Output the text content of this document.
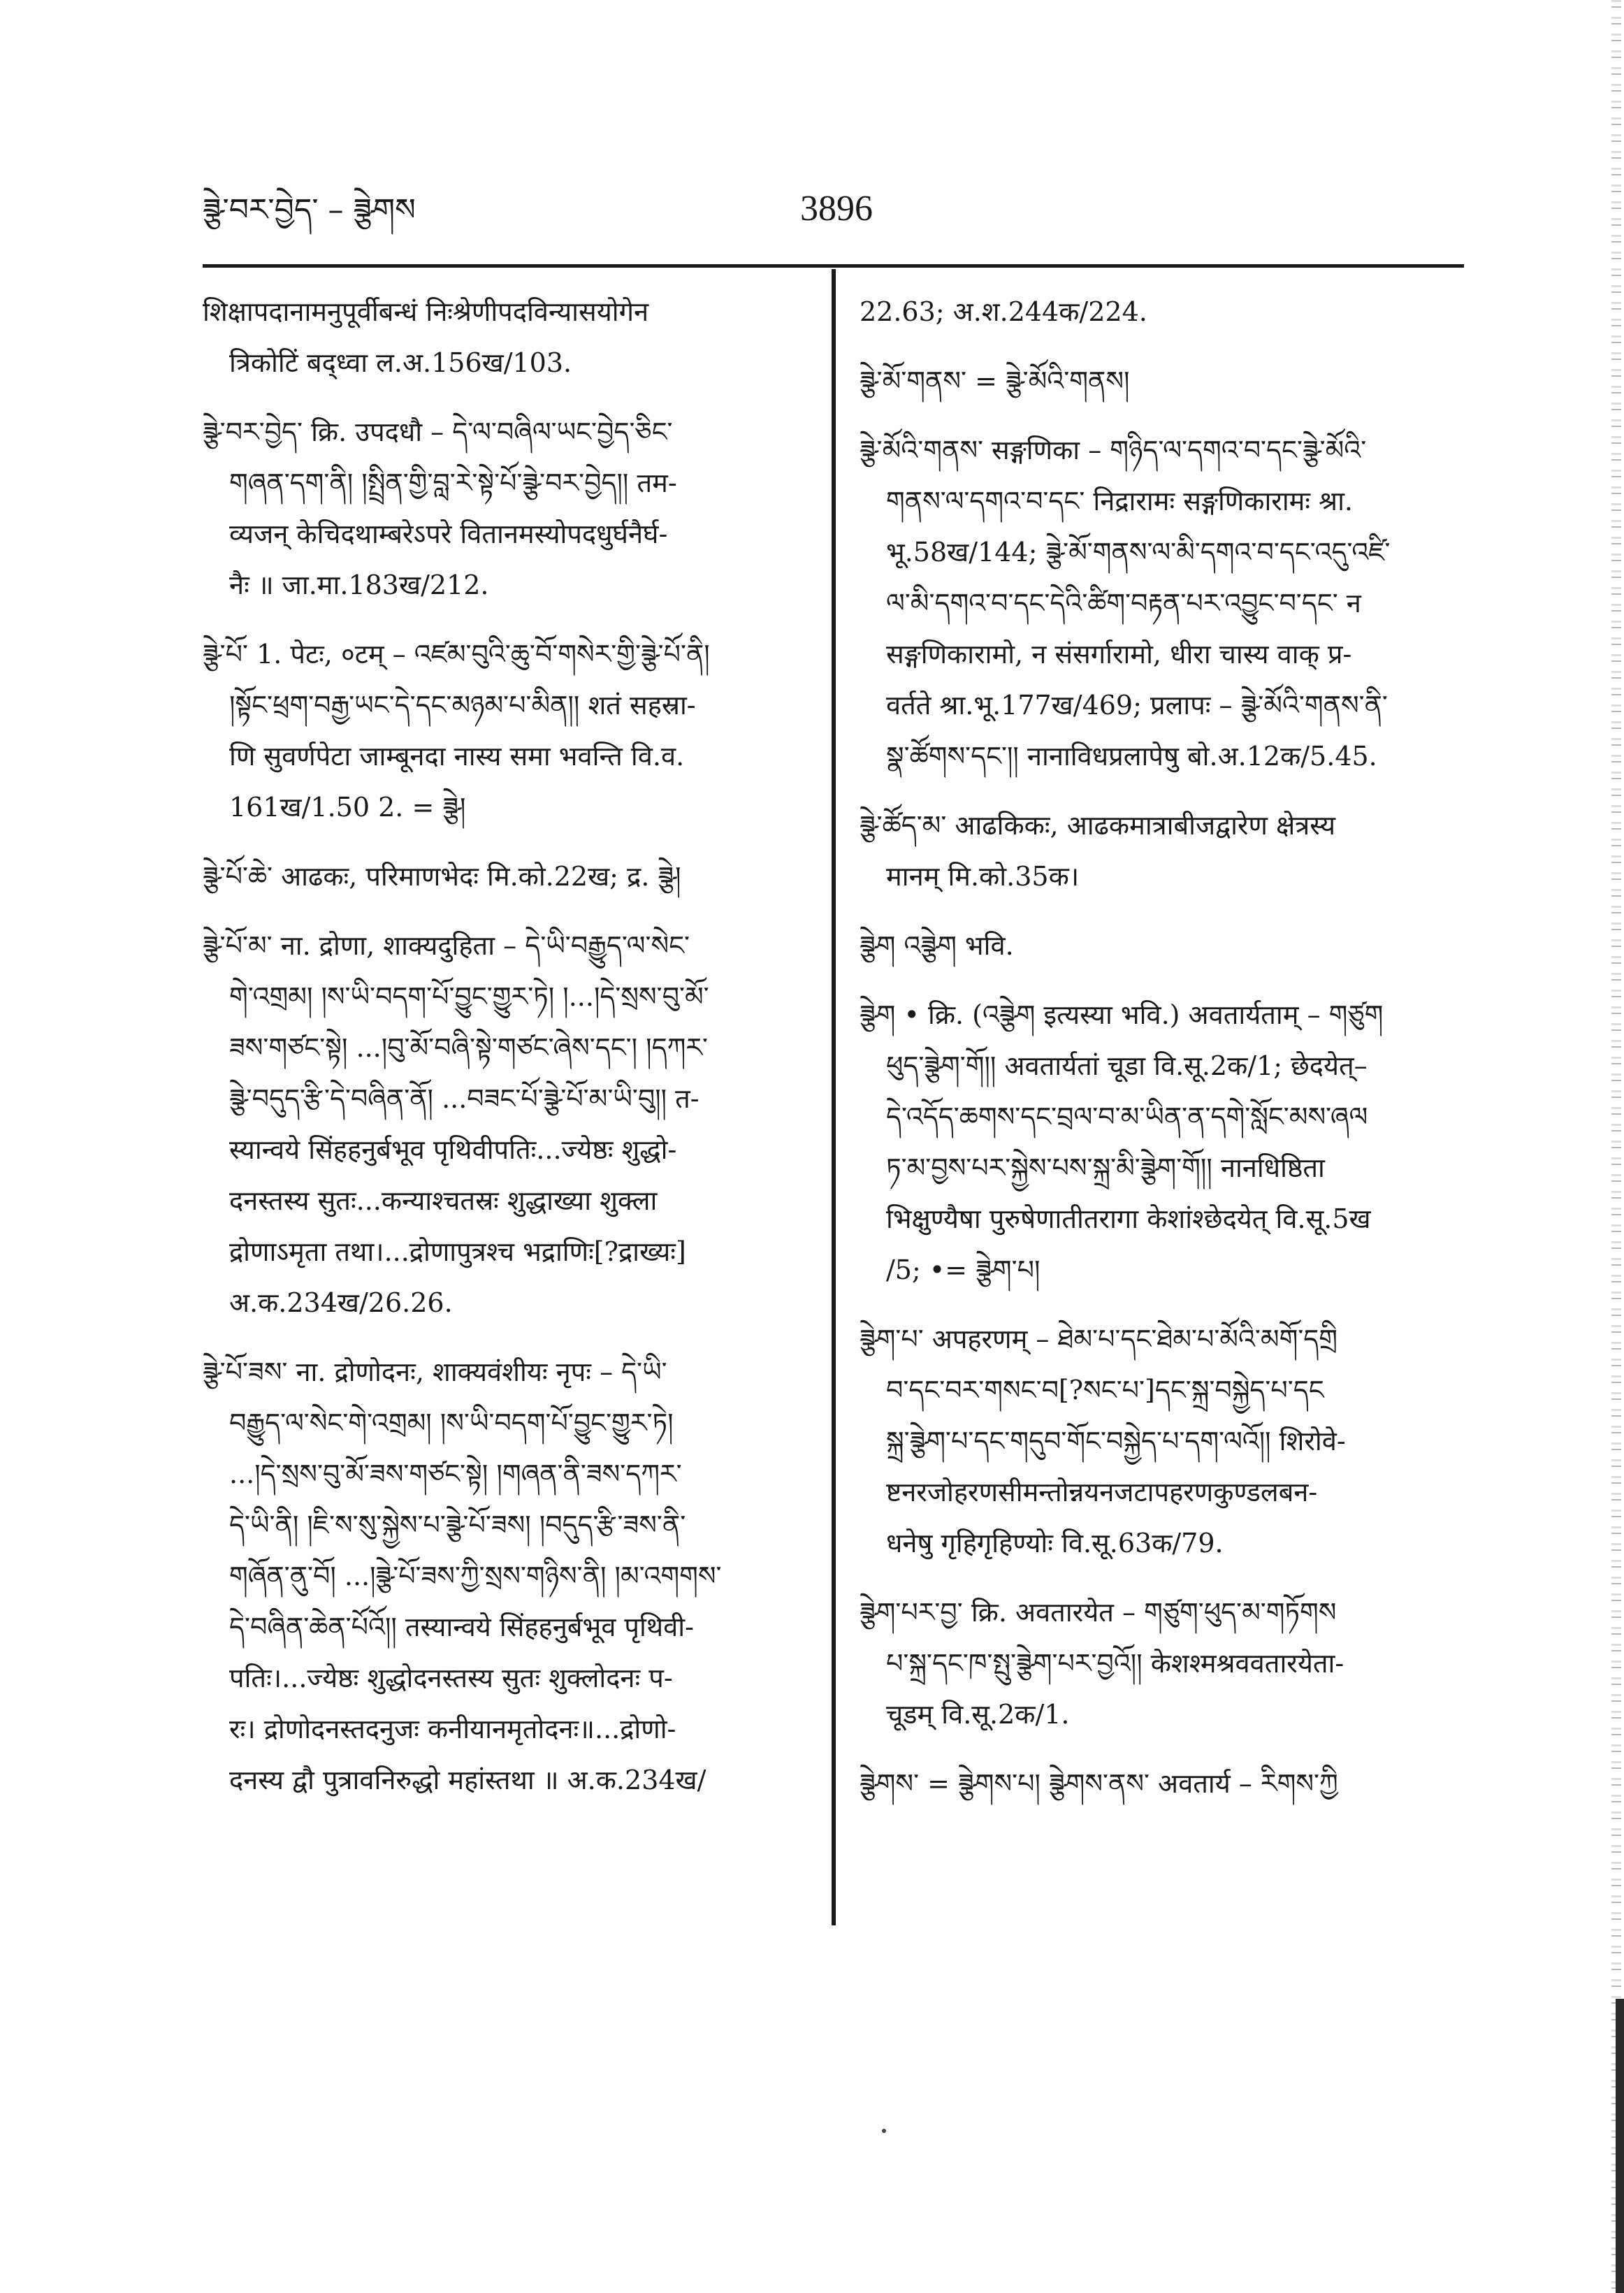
ཟྩེ་བར་བྱེད་ – ཟྩེགས	3896
शिक्षापदानामनुपूर्वीबन्धं निःश्रेणीपदविन्यासयोगेन
त्रिकोटिं बद्ध्वा ल.अ.156ख/103.
ཟྩེ་བར་བྱེད་ क्रि. उपदधौ – དེ་ལ་བཞིལ་ཡང་བྱེད་ཅིང་
གཞན་དག་ནི། །སྤྲིན་གྱི་བླ་རེ་སྟེ་པོ་ཟྩེ་བར་བྱེད།། तम-
व्यजन् केचिदथाम्बरेऽपरे वितानमस्योपदधुर्घनैर्घ-
नैः ॥ जा.मा.183ख/212.
ཟྩེ་པོ་ 1. पेटः, ०टम् – འཛམ་བུའི་ཆུ་བོ་གསེར་གྱི་ཟྩེ་པོ་ནི།
།སྟོང་ཕྲག་བརྒྱ་ཡང་དེ་དང་མཉམ་པ་མིན།། शतं सहस्रा-
णि सुवर्णपेटा जाम्बूनदा नास्य समा भवन्ति वि.व.
161ख/1.50 2. = ཟྩེ།
ཟྩེ་པོ་ཆེ་ आढकः, परिमाणभेदः मि.को.22ख; द्र. ཟྩེ།
ཟྩེ་པོ་མ་ ना. द्रोणा, शाक्यदुहिता – དེ་ཡི་བརྒྱུད་ལ་སེང་
གེ་འགྲམ། །ས་ཡི་བདག་པོ་བྱུང་གྱུར་ཏེ། །...།དེ་སྲས་བུ་མོ་
ཟས་གཙང་སྟེ། ...།བུ་མོ་བཞི་སྟེ་གཙང་ཞེས་དང་། །དཀར་
ཟྩེ་བདུད་རྩི་དེ་བཞིན་ནོ། ...བཟང་པོ་ཟྩེ་པོ་མ་ཡི་བུ།། त-
स्यान्वये सिंहहनुर्बभूव पृथिवीपतिः...ज्येष्ठः शुद्धो-
दनस्तस्य सुतः...कन्याश्चतस्रः शुद्धाख्या शुक्ला
द्रोणाऽमृता तथा।...द्रोणापुत्रश्च भद्राणिः[?द्राख्यः]
अ.क.234ख/26.26.
ཟྩེ་པོ་ཟས་ ना. द्रोणोदनः, शाक्यवंशीयः नृपः – དེ་ཡི་
བརྒྱུད་ལ་སེང་གེ་འགྲམ། །ས་ཡི་བདག་པོ་བྱུང་གྱུར་ཏེ།
...།དེ་སྲས་བུ་མོ་ཟས་གཙང་སྟེ། །གཞན་ནི་ཟས་དཀར་
དེ་ཡི་ནི། །ཇི་ས་སུ་སྐྱེས་པ་ཟྩེ་པོ་ཟས། །བདུད་རྩི་ཟས་ནི་
གཞོན་ནུ་བོ། ...།ཟྩེ་པོ་ཟས་ཀྱི་སྲས་གཉིས་ནི། །མ་འགགས་
དེ་བཞིན་ཆེན་པོའོ།། तस्यान्वये सिंहहनुर्बभूव पृथिवी-
पतिः।...ज्येष्ठः शुद्धोदनस्तस्य सुतः शुक्लोदनः प-
रः। द्रोणोदनस्तदनुजः कनीयानमृतोदनः॥...द्रोणो-
दनस्य द्वौ पुत्रावनिरुद्धो महांस्तथा ॥ अ.क.234ख/
22.63; अ.श.244क/224.
ཟྩེ་མོ་གནས་ = ཟྩེ་མོའི་གནས།
ཟྩེ་མོའི་གནས་ सङ्गणिका – གཉིད་ལ་དགའ་བ་དང་ཟྩེ་མོའི་
གནས་ལ་དགའ་བ་དང་ निद्रारामः सङ्गणिकारामः श्रा.
भू.58ख/144; ཟྩེ་མོ་གནས་ལ་མི་དགའ་བ་དང་འདུ་འཛི་
ལ་མི་དགའ་བ་དང་དེའི་ཚིག་བརྟན་པར་འབྱུང་བ་དང་ न
सङ्गणिकारामो, न संसर्गारामो, धीरा चास्य वाक् प्र-
वर्तते श्रा.भू.177ख/469; प्रलापः – ཟྩེ་མོའི་གནས་ནི་
སྣ་ཚོགས་དང་།། नानाविधप्रलापेषु बो.अ.12क/5.45.
ཟྩེ་ཚོད་མ་ आढकिकः, आढकमात्राबीजद्वारेण क्षेत्रस्य
मानम् मि.को.35क।
ཟྩེག འཟྩེག भवि.
ཟྩེག • क्रि. (འཟྩེག इत्यस्या भवि.) अवतार्यताम् – གཙུག
ཕུད་ཟྩེག་གོ།། अवतार्यतां चूडा वि.सू.2क/1; छेदयेत्–
དེ་འདོད་ཆགས་དང་བྲལ་བ་མ་ཡིན་ན་དགེ་སློང་མས་ཞལ
ཏ་མ་བྱས་པར་སྐྱེས་པས་སྐྲ་མི་ཟྩེག་གོ།། नानधिष्ठिता
भिक्षुण्यैषा पुरुषेणातीतरागा केशांश्छेदयेत् वि.सू.5ख
/5; •= ཟྩེག་པ།
ཟྩེག་པ་ अपहरणम् – ཐེམ་པ་དང་ཐེམ་པ་མོའི་མགོ་དགྲི
བ་དང་བར་གསང་བ[?སང་པ་]དང་སྐྲ་བསྐྱེད་པ་དང
སྐྲ་ཟྩེག་པ་དང་གདུབ་གོང་བསྐྱེད་པ་དག་ལའོ།། शिरोवे-
ष्टनरजोहरणसीमन्तोन्नयनजटापहरणकुण्डलबन-
धनेषु गृहिगृहिण्योः वि.सू.63क/79.
ཟྩེག་པར་བྱ་ क्रि. अवतारयेत – གཙུག་ཕུད་མ་གཏོགས
པ་སྐྲ་དང་ཁ་སྤུ་ཟྩེག་པར་བྱའོ།། केशश्मश्रववतारयेता-
चूडम् वि.सू.2क/1.
ཟྩེགས་ = ཟྩེགས་པ། ཟྩེགས་ནས་ अवतार्य – རིགས་ཀྱི
